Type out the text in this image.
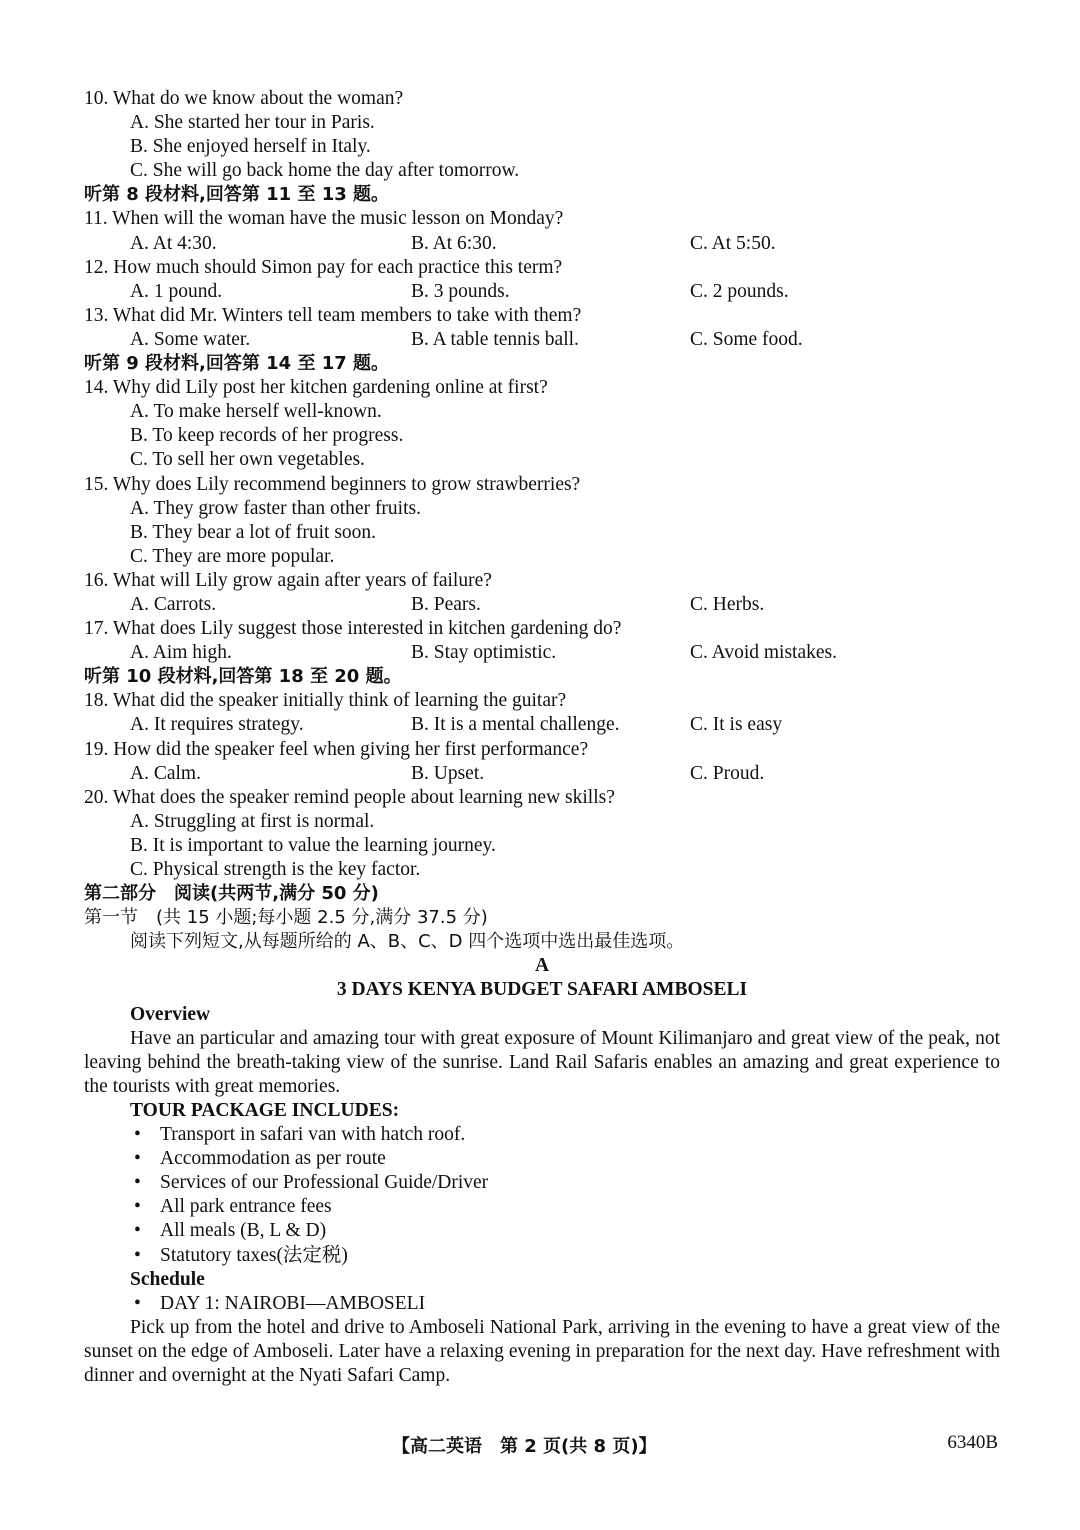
10. What do we know about the woman?
A. She started her tour in Paris.
B. She enjoyed herself in Italy.
C. She will go back home the day after tomorrow.
听第 8 段材料,回答第 11 至 13 题。
11. When will the woman have the music lesson on Monday?
A. At 4:30.	B. At 6:30.	C. At 5:50.
12. How much should Simon pay for each practice this term?
A. 1 pound.	B. 3 pounds.	C. 2 pounds.
13. What did Mr. Winters tell team members to take with them?
A. Some water.	B. A table tennis ball.	C. Some food.
听第 9 段材料,回答第 14 至 17 题。
14. Why did Lily post her kitchen gardening online at first?
A. To make herself well-known.
B. To keep records of her progress.
C. To sell her own vegetables.
15. Why does Lily recommend beginners to grow strawberries?
A. They grow faster than other fruits.
B. They bear a lot of fruit soon.
C. They are more popular.
16. What will Lily grow again after years of failure?
A. Carrots.	B. Pears.	C. Herbs.
17. What does Lily suggest those interested in kitchen gardening do?
A. Aim high.	B. Stay optimistic.	C. Avoid mistakes.
听第 10 段材料,回答第 18 至 20 题。
18. What did the speaker initially think of learning the guitar?
A. It requires strategy.	B. It is a mental challenge.	C. It is easy
19. How did the speaker feel when giving her first performance?
A. Calm.	B. Upset.	C. Proud.
20. What does the speaker remind people about learning new skills?
A. Struggling at first is normal.
B. It is important to value the learning journey.
C. Physical strength is the key factor.
第二部分　阅读(共两节,满分 50 分)
第一节　(共 15 小题;每小题 2.5 分,满分 37.5 分)
阅读下列短文,从每题所给的 A、B、C、D 四个选项中选出最佳选项。
A
3 DAYS KENYA BUDGET SAFARI AMBOSELI
Overview

Have an particular and amazing tour with great exposure of Mount Kilimanjaro and great view of the peak, not leaving behind the breath-taking view of the sunrise. Land Rail Safaris enables an amazing and great experience to the tourists with great memories.

TOUR PACKAGE INCLUDES:
• Transport in safari van with hatch roof.
• Accommodation as per route
• Services of our Professional Guide/Driver
• All park entrance fees
• All meals (B, L & D)
• Statutory taxes(法定税)
Schedule
• DAY 1: NAIROBI—AMBOSELI

Pick up from the hotel and drive to Amboseli National Park, arriving in the evening to have a great view of the sunset on the edge of Amboseli. Later have a relaxing evening in preparation for the next day. Have refreshment with dinner and overnight at the Nyati Safari Camp.

【高二英语　第 2 页(共 8 页)】	6340B
